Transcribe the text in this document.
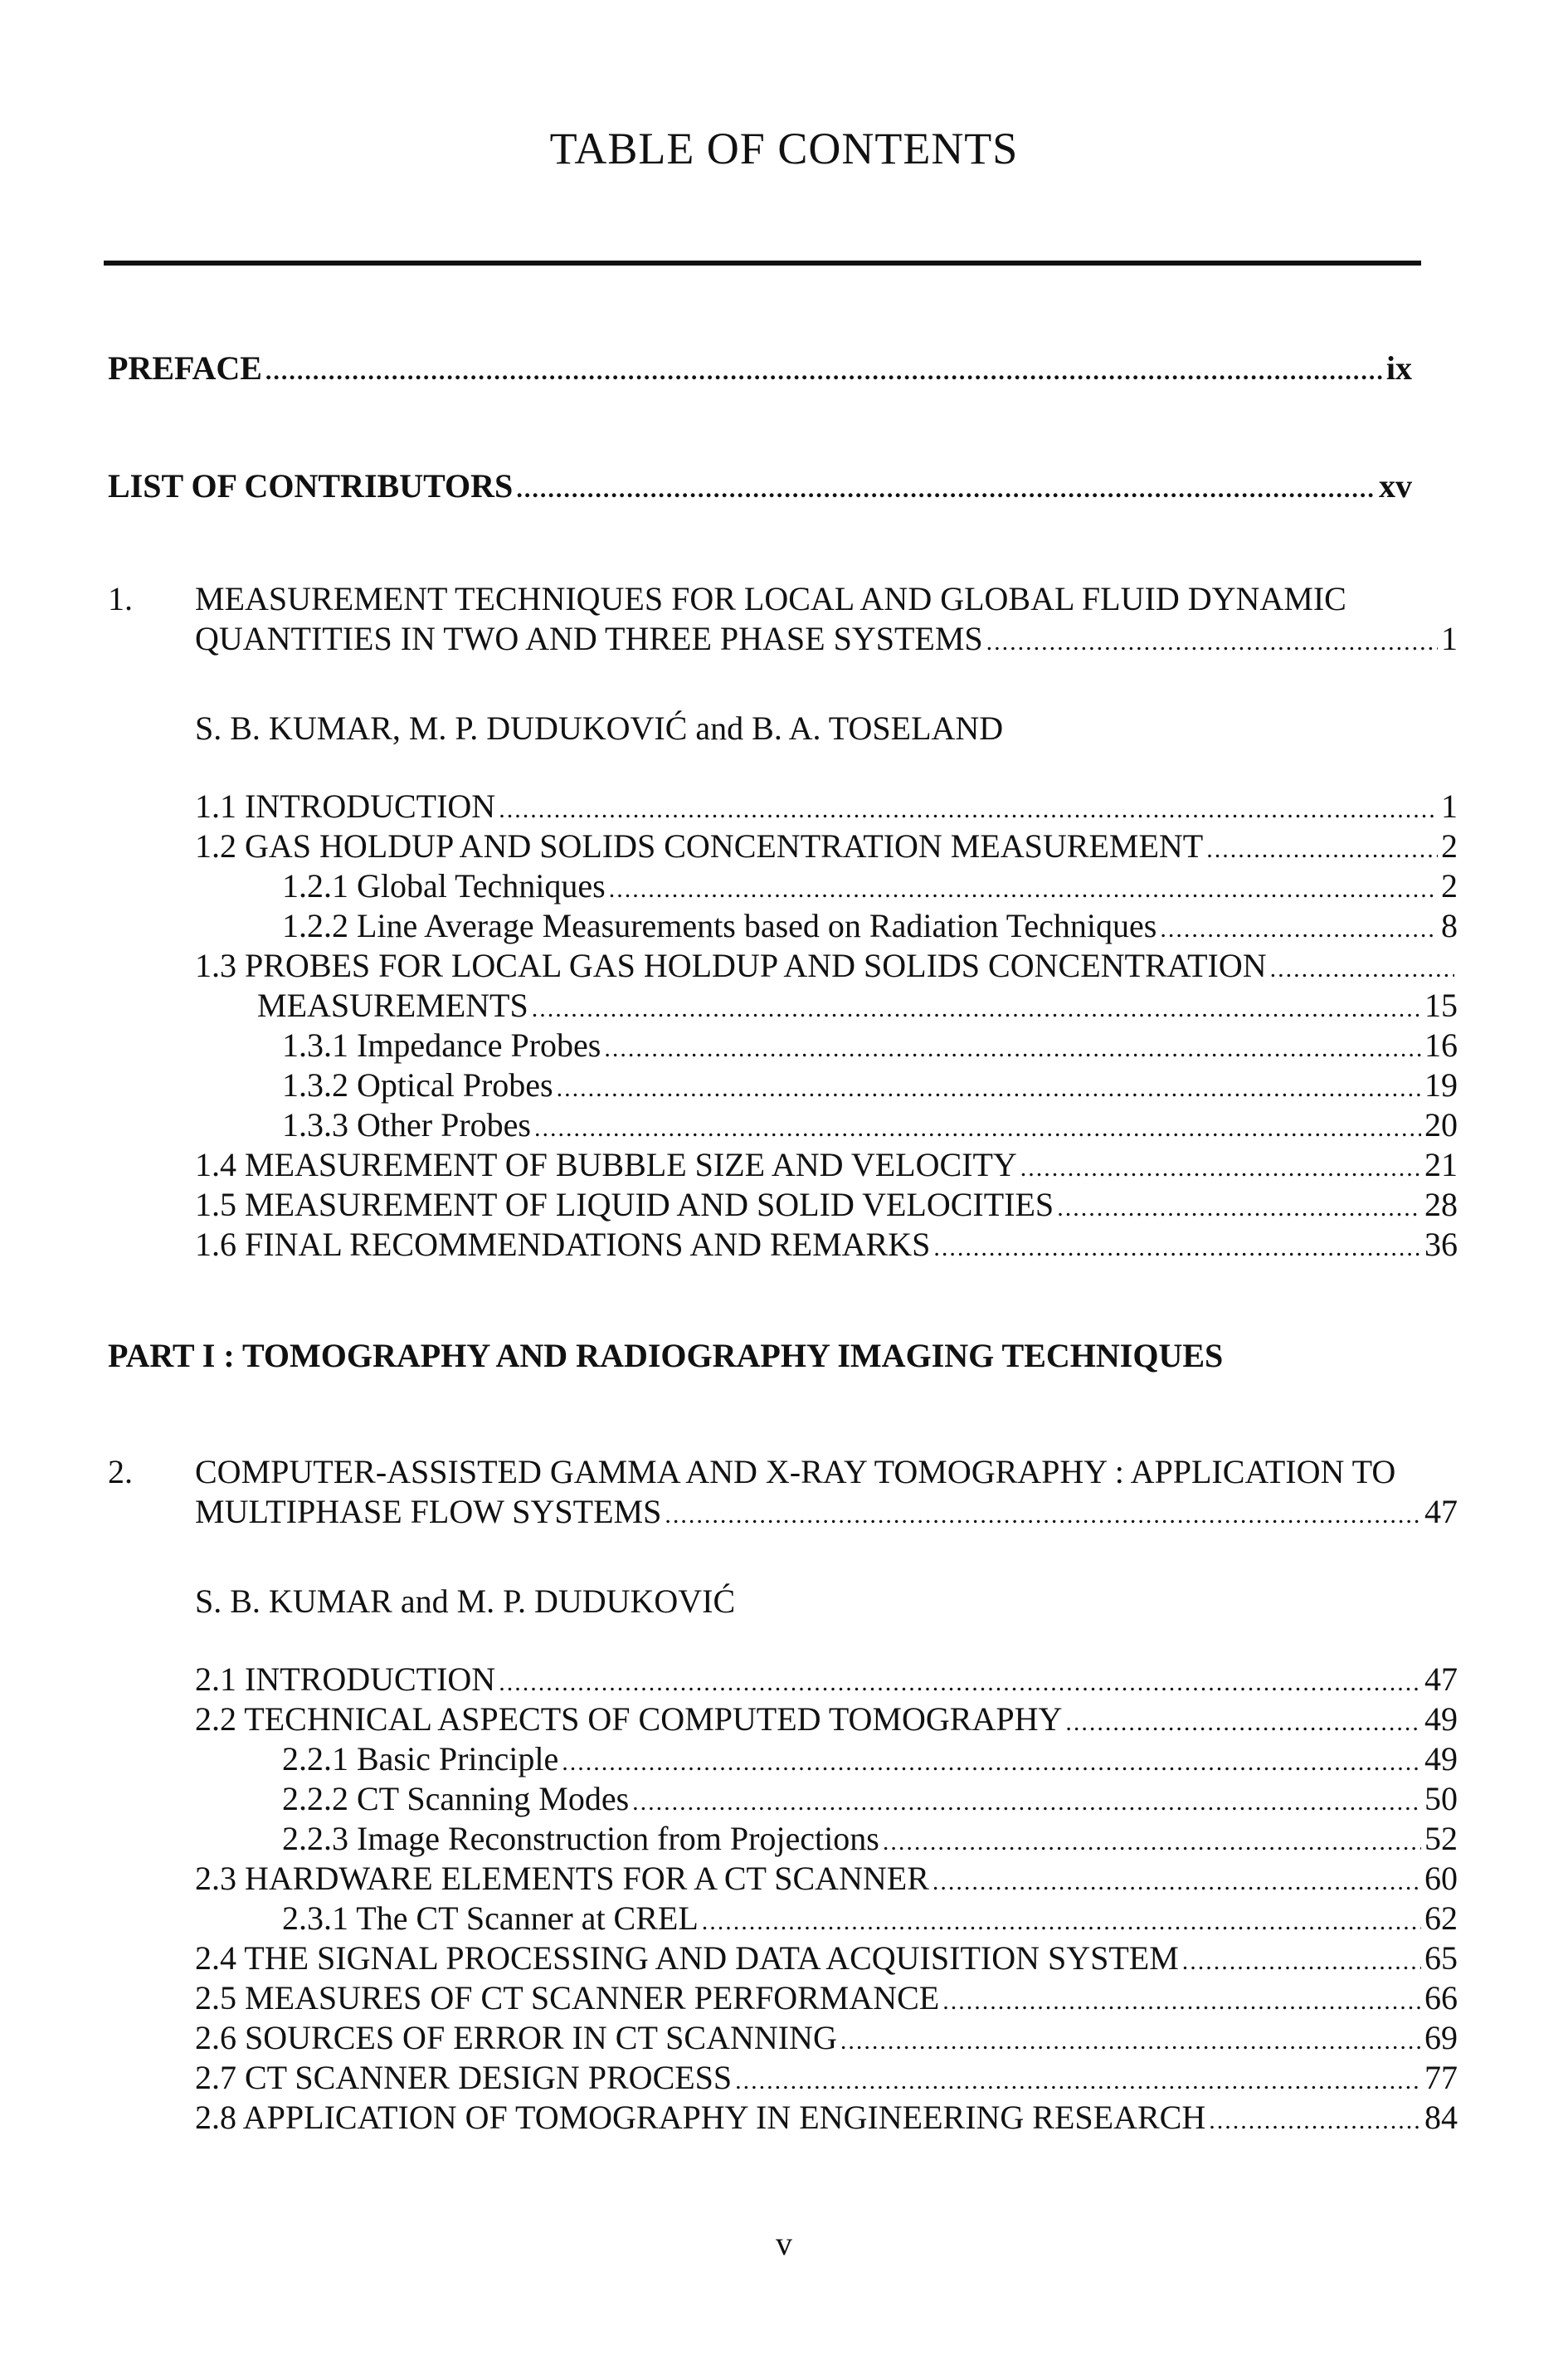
TABLE OF CONTENTS
PREFACE .....	ix
LIST OF CONTRIBUTORS .....	xv
1. MEASUREMENT TECHNIQUES FOR LOCAL AND GLOBAL FLUID DYNAMIC
QUANTITIES IN TWO AND THREE PHASE SYSTEMS .....	1
S. B. KUMAR, M. P. DUDUKOVIĆ and B. A. TOSELAND
1.1 INTRODUCTION .....	1
1.2 GAS HOLDUP AND SOLIDS CONCENTRATION MEASUREMENT .....	2
1.2.1 Global Techniques .....	2
1.2.2 Line Average Measurements based on Radiation Techniques .....	8
1.3 PROBES FOR LOCAL GAS HOLDUP AND SOLIDS CONCENTRATION
.....
MEASUREMENTS .....	15
1.3.1 Impedance Probes .....	16
1.3.2 Optical Probes .....	19
1.3.3 Other Probes .....	20
1.4 MEASUREMENT OF BUBBLE SIZE AND VELOCITY .....	21
1.5 MEASUREMENT OF LIQUID AND SOLID VELOCITIES .....	28
1.6 FINAL RECOMMENDATIONS AND REMARKS .....	36
PART I : TOMOGRAPHY AND RADIOGRAPHY IMAGING TECHNIQUES
2. COMPUTER-ASSISTED GAMMA AND X-RAY TOMOGRAPHY : APPLICATION TO
MULTIPHASE FLOW SYSTEMS .....	47
S. B. KUMAR and M. P. DUDUKOVIĆ
2.1 INTRODUCTION .....	47
2.2 TECHNICAL ASPECTS OF COMPUTED TOMOGRAPHY .....	49
2.2.1 Basic Principle .....	49
2.2.2 CT Scanning Modes .....	50
2.2.3 Image Reconstruction from Projections .....	52
2.3 HARDWARE ELEMENTS FOR A CT SCANNER .....	60
2.3.1 The CT Scanner at CREL .....	62
2.4 THE SIGNAL PROCESSING AND DATA ACQUISITION SYSTEM .....	65
2.5 MEASURES OF CT SCANNER PERFORMANCE .....	66
2.6 SOURCES OF ERROR IN CT SCANNING .....	69
2.7 CT SCANNER DESIGN PROCESS .....	77
2.8 APPLICATION OF TOMOGRAPHY IN ENGINEERING RESEARCH .....	84
v
